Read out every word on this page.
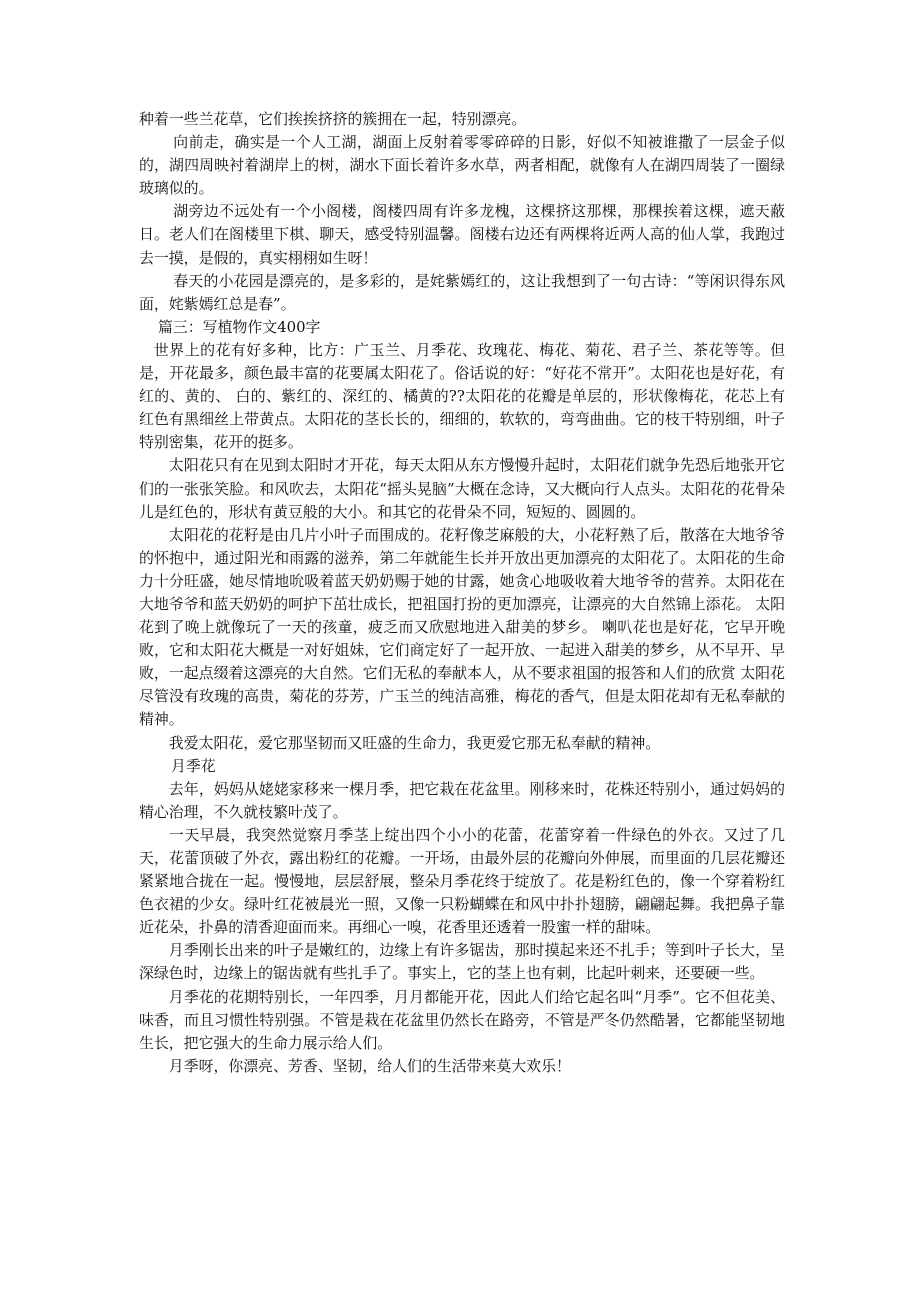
种着一些兰花草，它们挨挨挤挤的簇拥在一起，特别漂亮。

向前走，确实是一个人工湖，湖面上反射着零零碎碎的日影，好似不知被谁撒了一层金子似的，湖四周映衬着湖岸上的树，湖水下面长着许多水草，两者相配，就像有人在湖四周装了一圈绿玻璃似的。

湖旁边不远处有一个小阁楼，阁楼四周有许多龙槐，这棵挤这那棵，那棵挨着这棵，遮天蔽日。老人们在阁楼里下棋、聊天，感受特别温馨。阁楼右边还有两棵将近两人高的仙人掌，我跑过去一摸，是假的，真实栩栩如生呀！

春天的小花园是漂亮的，是多彩的，是姹紫嫣红的，这让我想到了一句古诗：“等闲识得东风面，姹紫嫣红总是春”。

篇三：写植物作文400字

世界上的花有好多种，比方：广玉兰、月季花、玫瑰花、梅花、菊花、君子兰、茶花等等。但是，开花最多，颜色最丰富的花要属太阳花了。俗话说的好：“好花不常开”。太阳花也是好花，有红的、黄的、 白的、紫红的、深红的、橘黄的??太阳花的花瓣是单层的，形状像梅花，花芯上有红色有黑细丝上带黄点。太阳花的茎长长的，细细的，软软的，弯弯曲曲。它的枝干特别细，叶子特别密集，花开的挺多。

太阳花只有在见到太阳时才开花，每天太阳从东方慢慢升起时，太阳花们就争先恐后地张开它们的一张张笑脸。和风吹去，太阳花“摇头晃脑”大概在念诗，又大概向行人点头。太阳花的花骨朵儿是红色的，形状有黄豆般的大小。和其它的花骨朵不同，短短的、圆圆的。

太阳花的花籽是由几片小叶子而围成的。花籽像芝麻般的大，小花籽熟了后，散落在大地爷爷的怀抱中，通过阳光和雨露的滋养，第二年就能生长并开放出更加漂亮的太阳花了。太阳花的生命力十分旺盛，她尽情地吮吸着蓝天奶奶赐于她的甘露，她贪心地吸收着大地爷爷的营养。太阳花在大地爷爷和蓝天奶奶的呵护下茁壮成长，把祖国打扮的更加漂亮，让漂亮的大自然锦上添花。 太阳花到了晚上就像玩了一天的孩童，疲乏而又欣慰地进入甜美的梦乡。 喇叭花也是好花，它早开晚败，它和太阳花大概是一对好姐妹，它们商定好了一起开放、一起进入甜美的梦乡，从不早开、早败，一起点缀着这漂亮的大自然。它们无私的奉献本人，从不要求祖国的报答和人们的欣赏 太阳花尽管没有玫瑰的高贵，菊花的芬芳，广玉兰的纯洁高雅，梅花的香气，但是太阳花却有无私奉献的精神。

我爱太阳花，爱它那坚韧而又旺盛的生命力，我更爱它那无私奉献的精神。

月季花

去年，妈妈从姥姥家移来一棵月季，把它栽在花盆里。刚移来时，花株还特别小，通过妈妈的精心治理，不久就枝繁叶茂了。

一天早晨，我突然觉察月季茎上绽出四个小小的花蕾，花蕾穿着一件绿色的外衣。又过了几天，花蕾顶破了外衣，露出粉红的花瓣。一开场，由最外层的花瓣向外伸展，而里面的几层花瓣还紧紧地合拢在一起。慢慢地，层层舒展，整朵月季花终于绽放了。花是粉红色的，像一个穿着粉红色衣裙的少女。绿叶红花被晨光一照，又像一只粉蝴蝶在和风中扑扑翅膀，翩翩起舞。我把鼻子靠近花朵，扑鼻的清香迎面而来。再细心一嗅，花香里还透着一股蜜一样的甜味。

月季刚长出来的叶子是嫩红的，边缘上有许多锯齿，那时摸起来还不扎手；等到叶子长大，呈深绿色时，边缘上的锯齿就有些扎手了。事实上，它的茎上也有刺，比起叶刺来，还要硬一些。

月季花的花期特别长，一年四季，月月都能开花，因此人们给它起名叫“月季”。它不但花美、味香，而且习惯性特别强。不管是栽在花盆里仍然长在路旁，不管是严冬仍然酷暑，它都能坚韧地生长，把它强大的生命力展示给人们。

月季呀，你漂亮、芳香、坚韧，给人们的生活带来莫大欢乐！
